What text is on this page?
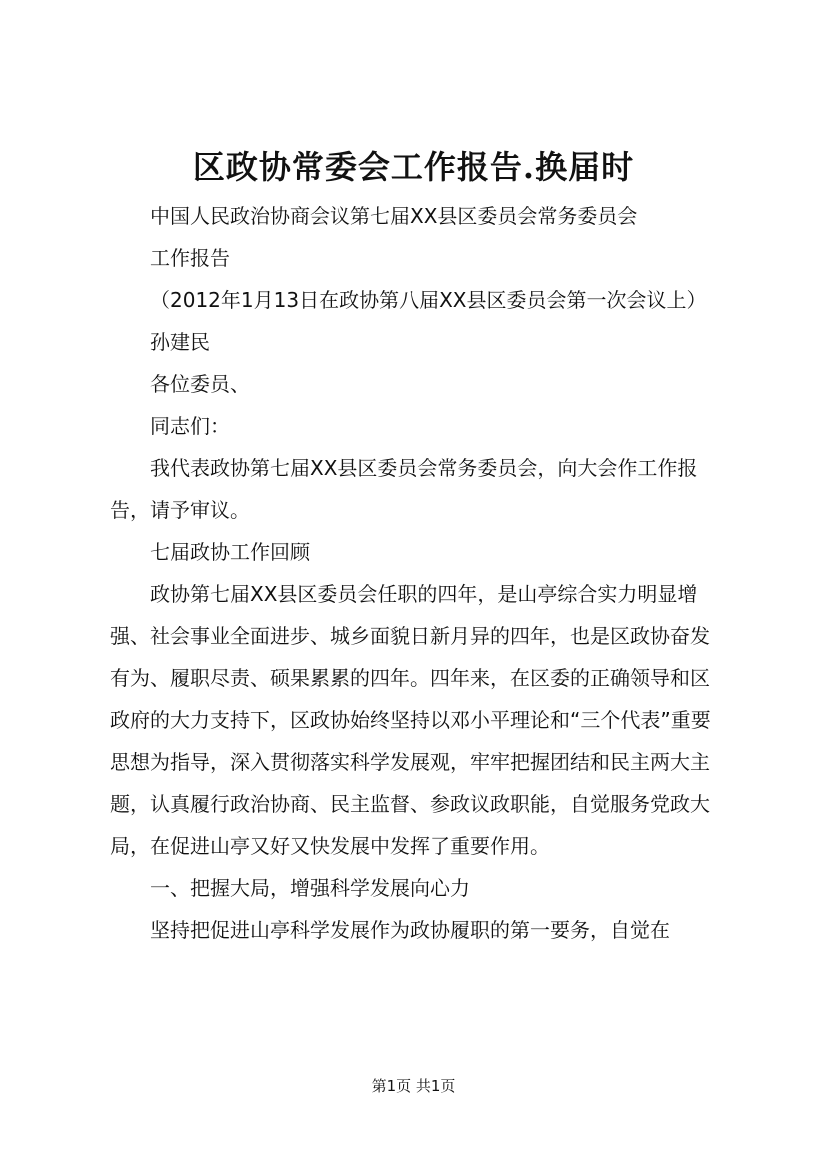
区政协常委会工作报告.换届时

中国人民政治协商会议第七届XX县区委员会常务委员会

工作报告

（2012年1月13日在政协第八届XX县区委员会第一次会议上）

孙建民

各位委员、

同志们：

我代表政协第七届XX县区委员会常务委员会，向大会作工作报告，请予审议。

七届政协工作回顾

政协第七届XX县区委员会任职的四年，是山亭综合实力明显增强、社会事业全面进步、城乡面貌日新月异的四年，也是区政协奋发有为、履职尽责、硕果累累的四年。四年来，在区委的正确领导和区政府的大力支持下，区政协始终坚持以邓小平理论和“三个代表”重要思想为指导，深入贯彻落实科学发展观，牢牢把握团结和民主两大主题，认真履行政治协商、民主监督、参政议政职能，自觉服务党政大局，在促进山亭又好又快发展中发挥了重要作用。

一、把握大局，增强科学发展向心力

坚持把促进山亭科学发展作为政协履职的第一要务，自觉在

第1页 共1页
